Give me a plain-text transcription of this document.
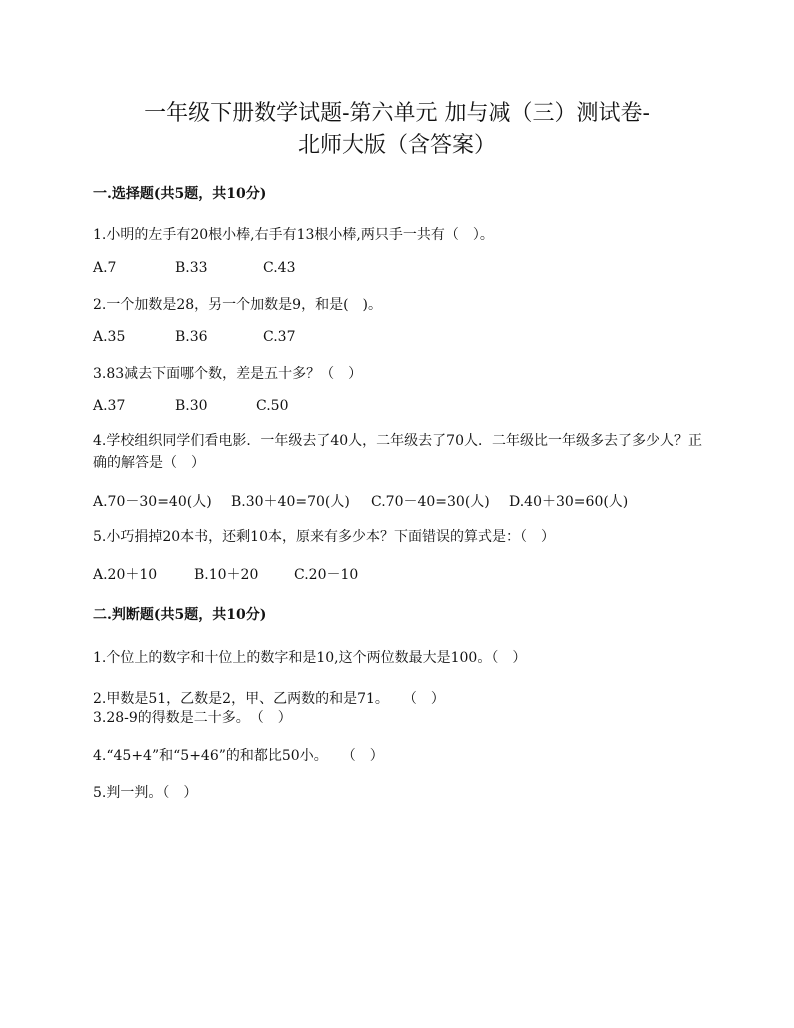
一年级下册数学试题-第六单元 加与减（三）测试卷-
北师大版（含答案）
一.选择题(共5题，共10分)
1.小明的左手有20根小棒,右手有13根小棒,两只手一共有（　）。
A.7	B.33	C.43
2.一个加数是28，另一个加数是9，和是(　)。
A.35	B.36	C.37
3.83减去下面哪个数，差是五十多？（　）
A.37	B.30	C.50
4.学校组织同学们看电影．一年级去了40人，二年级去了70人．二年级比一年级多去了多少人？正确的解答是（　）
A.70－30=40(人) B.30＋40=70(人) C.70－40=30(人) D.40＋30=60(人)
5.小巧捐掉20本书，还剩10本，原来有多少本？下面错误的算式是：（　）
A.20＋10	B.10＋20	C.20－10
二.判断题(共5题，共10分)
1.个位上的数字和十位上的数字和是10,这个两位数最大是100。（　）
2.甲数是51，乙数是2，甲、乙两数的和是71。　　（　）
3.28-9的得数是二十多。　（　）
4.“45+4”和“5+46”的和都比50小。　　（　）
5.判一判。（　）
